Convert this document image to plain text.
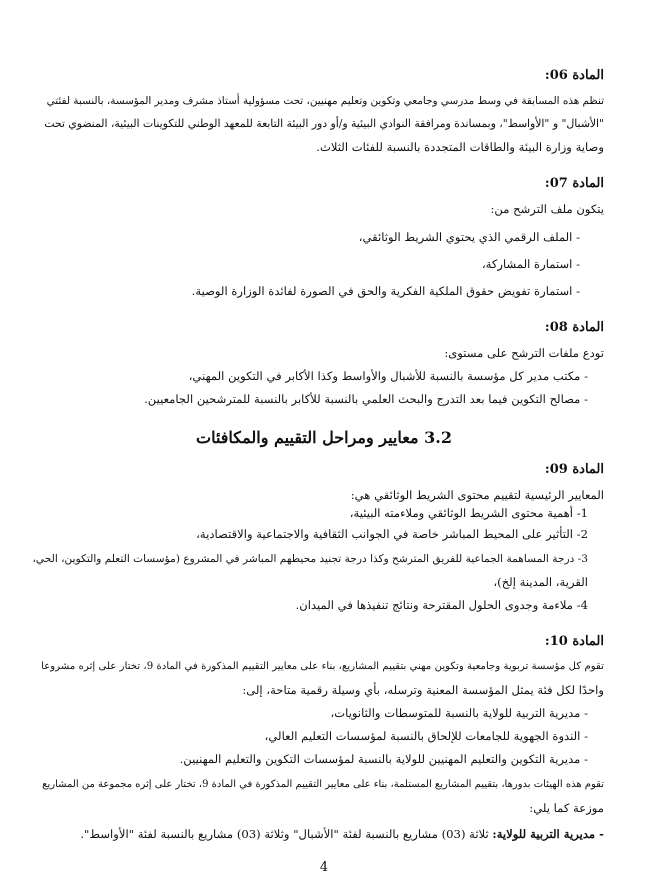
المادة 06:
تنظم هذه المسابقة في وسط مدرسي وجامعي وتكوين وتعليم مهنيين، تحت مسؤولية أستاذ مشرف ومدير المؤسسة، بالنسبة لفئتي
"الأشبال" و "الأواسط"، وبمساندة ومرافقة النوادي البيئية و/أو دور البيئة التابعة للمعهد الوطني للتكوينات البيئية، المنضوي تحت
وصاية وزارة البيئة والطاقات المتجددة بالنسبة للفئات الثلاث.
المادة 07:
يتكون ملف الترشح من:
- الملف الرقمي الذي يحتوي الشريط الوثائقي،
- استمارة المشاركة،
- استمارة تفويض حقوق الملكية الفكرية والحق في الصورة لفائدة الوزارة الوصية.
المادة 08:
تودع ملفات الترشح على مستوى:
- مكتب مدير كل مؤسسة بالنسبة للأشبال والأواسط وكذا الأكابر في التكوين المهني،
- مصالح التكوين فيما بعد التدرج والبحث العلمي بالنسبة للأكابر بالنسبة للمترشحين الجامعيين.
3.2 معايير ومراحل التقييم والمكافئات
المادة 09:
المعايير الرئيسية لتقييم محتوى الشريط الوثائقي هي:
1- أهمية محتوى الشريط الوثائقي وملاءمته البيئية،
2- التأثير على المحيط المباشر خاصة في الجوانب الثقافية والاجتماعية والاقتصادية،
3- درجة المساهمة الجماعية للفريق المترشح وكذا درجة تجنيد محيطهم المباشر في المشروع (مؤسسات التعلم والتكوين، الحي،
القرية، المدينة إلخ)،
4- ملاءمة وجدوى الحلول المقترحة ونتائج تنفيذها في الميدان.
المادة 10:
تقوم كل مؤسسة تربوية وجامعية وتكوين مهني بتقييم المشاريع، بناء على معايير التقييم المذكورة في المادة 9، تختار على إثره مشروعا
واحدًا لكل فئة يمثل المؤسسة المعنية وترسله، بأي وسيلة رقمية متاحة، إلى:
- مديرية التربية للولاية بالنسبة للمتوسطات والثانويات،
- الندوة الجهوية للجامعات للإلحاق بالنسبة لمؤسسات التعليم العالي،
- مديرية التكوين والتعليم المهنيين للولاية بالنسبة لمؤسسات التكوين والتعليم المهنيين.
تقوم هذه الهيئات بدورها، بتقييم المشاريع المستلمة، بناء على معايير التقييم المذكورة في المادة 9، تختار على إثره مجموعة من المشاريع
موزعة كما يلي:
- مديرية التربية للولاية: ثلاثة (03) مشاريع بالنسبة لفئة "الأشبال" وثلاثة (03) مشاريع بالنسبة لفئة "الأواسط".
4
